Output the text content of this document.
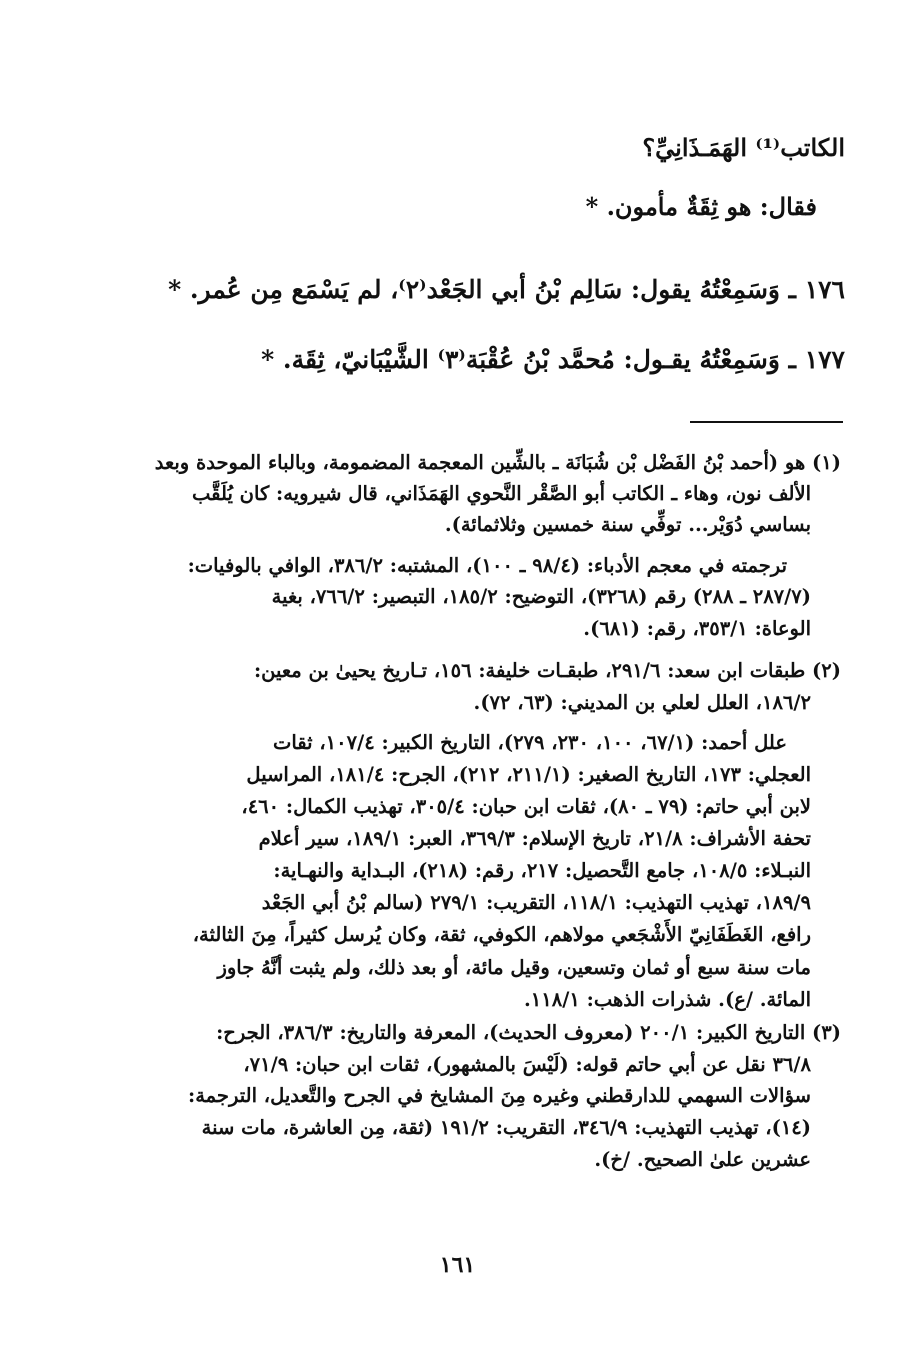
الكاتب⁽¹⁾ الهَمَـذَانِيِّ؟
فقال: هو ثِقَةٌ مأمون. *
١٧٦ ـ وَسَمِعْتُهُ يقول: سَالِم بْنُ أبي الجَعْد⁽٢⁾، لم يَسْمَع مِن عُمر. *
١٧٧ ـ وَسَمِعْتُهُ يقـول: مُحمَّد بْنُ عُقْبَة⁽٣⁾ الشَّيْبَانيّ، ثِقَة. *
(١) هو (أحمد بْنُ الفَضْل بْن شُبَانَة ـ بالشِّين المعجمة المضمومة، وبالباء الموحدة وبعد
الألف نون، وهاء ـ الكاتب أبو الصَّقْر النَّحوي الهَمَذَاني، قال شيرويه: كان يُلَقَّب
بساسي دُوَيْر... توفِّي سنة خمسين وثلاثمائة).
ترجمته في معجم الأدباء: (٩٨/٤ ـ ١٠٠)، المشتبه: ٣٨٦/٢، الوافي بالوفيات:
(٢٨٧/٧ ـ ٢٨٨) رقم (٣٢٦٨)، التوضيح: ١٨٥/٢، التبصير: ٧٦٦/٢، بغية
الوعاة: ٣٥٣/١، رقم: (٦٨١).
(٢) طبقات ابن سعد: ٢٩١/٦، طبقـات خليفة: ١٥٦، تـاريخ يحيىٰ بن معين:
١٨٦/٢، العلل لعلي بن المديني: (٦٣، ٧٢).
علل أحمد: (٦٧/١، ١٠٠، ٢٣٠، ٢٧٩)، التاريخ الكبير: ١٠٧/٤، ثقات
العجلي: ١٧٣، التاريخ الصغير: (٢١١/١، ٢١٢)، الجرح: ١٨١/٤، المراسيل
لابن أبي حاتم: (٧٩ ـ ٨٠)، ثقات ابن حبان: ٣٠٥/٤، تهذيب الكمال: ٤٦٠،
تحفة الأشراف: ٢١/٨، تاريخ الإسلام: ٣٦٩/٣، العبر: ١٨٩/١، سير أعلام
النبـلاء: ١٠٨/٥، جامع التَّحصيل: ٢١٧، رقم: (٢١٨)، البـداية والنهـاية:
١٨٩/٩، تهذيب التهذيب: ١١٨/١، التقريب: ٢٧٩/١ (سالم بْنُ أبي الجَعْد
رافع، الغَطَفَانِيّ الأَشْجَعي مولاهم، الكوفي، ثقة، وكان يُرسل كثيراً، مِنَ الثالثة،
مات سنة سبع أو ثمان وتسعين، وقيل مائة، أو بعد ذلك، ولم يثبت أنَّهُ جاوز
المائة. /ع). شذرات الذهب: ١١٨/١.
(٣) التاريخ الكبير: ٢٠٠/١ (معروف الحديث)، المعرفة والتاريخ: ٣٨٦/٣، الجرح:
٣٦/٨ نقل عن أبي حاتم قوله: (لَيْسَ بالمشهور)، ثقات ابن حبان: ٧١/٩،
سؤالات السهمي للدارقطني وغيره مِنَ المشايخ في الجرح والتَّعديل، الترجمة:
(١٤)، تهذيب التهذيب: ٣٤٦/٩، التقريب: ١٩١/٢ (ثقة، مِن العاشرة، مات سنة
عشرين علىٰ الصحيح. /خ).
١٦١
